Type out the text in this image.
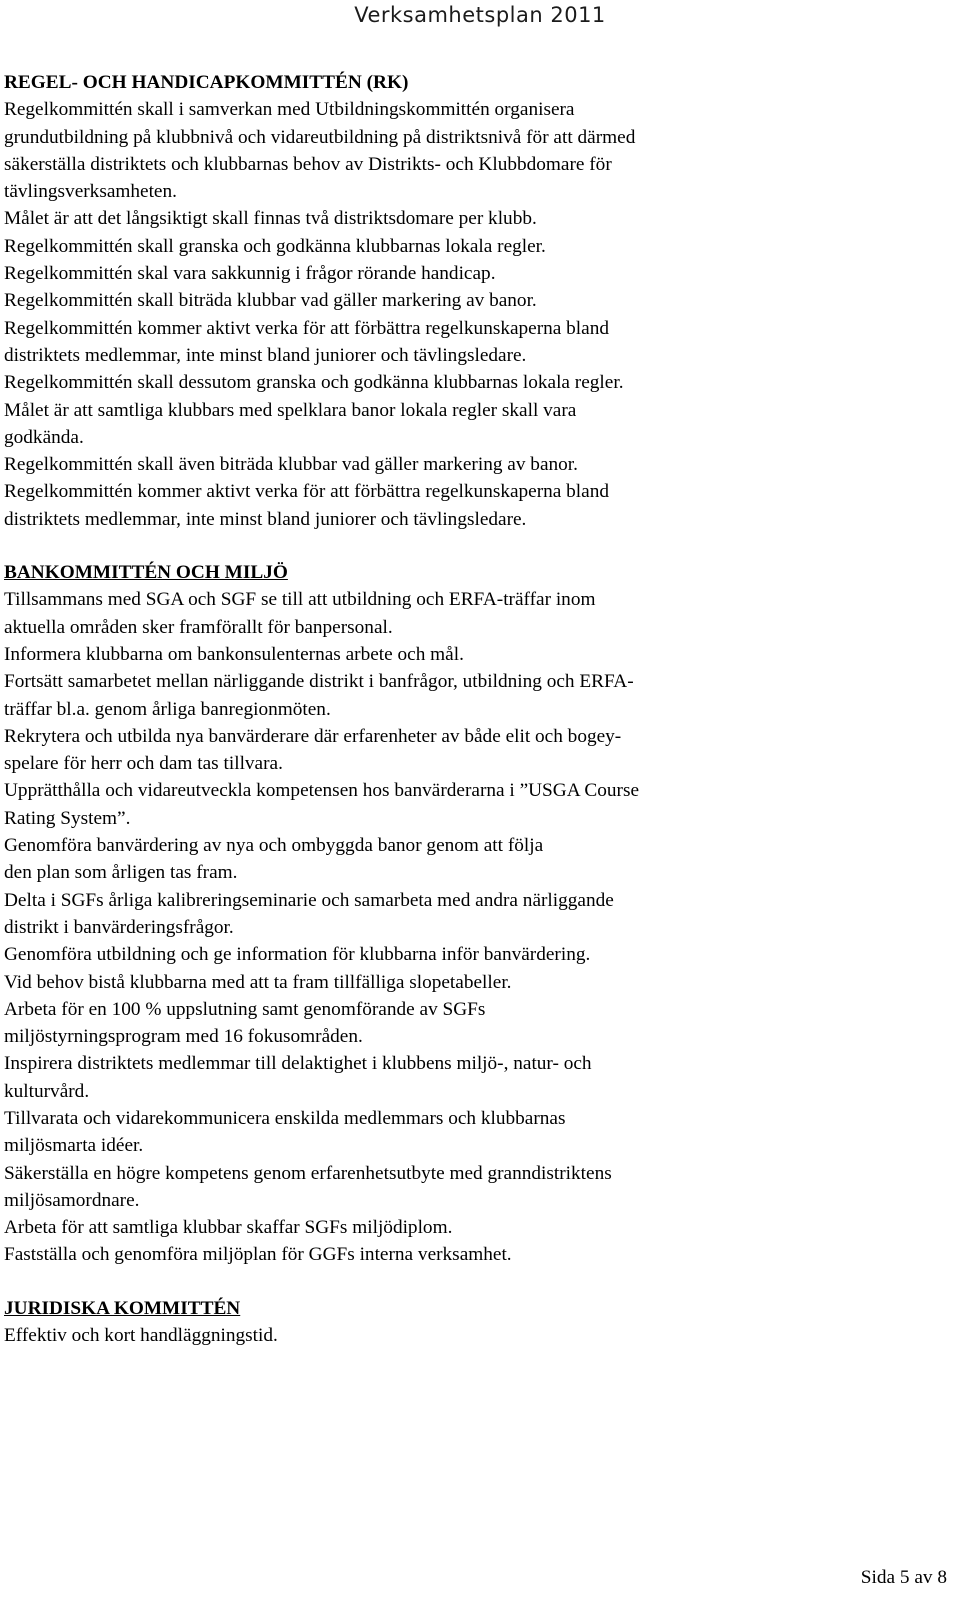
Verksamhetsplan 2011

REGEL- OCH HANDICAPKOMMITTÉN (RK)

Regelkommittén skall i samverkan med Utbildningskommittén organisera

grundutbildning på klubbnivå och vidareutbildning på distriktsnivå för att därmed

säkerställa distriktets och klubbarnas behov av Distrikts- och Klubbdomare för

tävlingsverksamheten.

Målet är att det långsiktigt skall finnas två distriktsdomare per klubb.

Regelkommittén skall granska och godkänna klubbarnas lokala regler.

Regelkommittén skal vara sakkunnig i frågor rörande handicap.

Regelkommittén skall biträda klubbar vad gäller markering av banor.

Regelkommittén kommer aktivt verka för att förbättra regelkunskaperna bland

distriktets medlemmar, inte minst bland juniorer och tävlingsledare.

Regelkommittén skall dessutom granska och godkänna klubbarnas lokala regler.

Målet är att samtliga klubbars med spelklara banor lokala regler skall vara

godkända.

Regelkommittén skall även biträda klubbar vad gäller markering av banor.

Regelkommittén kommer aktivt verka för att förbättra regelkunskaperna bland

distriktets medlemmar, inte minst bland juniorer och tävlingsledare.

BANKOMMITTÉN OCH MILJÖ

Tillsammans med SGA och SGF se till att utbildning och ERFA-träffar inom

aktuella områden sker framförallt för banpersonal.

Informera klubbarna om bankonsulenternas arbete och mål.

Fortsätt samarbetet mellan närliggande distrikt i banfrågor, utbildning och ERFA-

träffar bl.a. genom årliga banregionmöten.

Rekrytera och utbilda nya banvärderare där erfarenheter av både elit och bogey-

spelare för herr och dam tas tillvara.

Upprätthålla och vidareutveckla kompetensen hos banvärderarna i ”USGA Course

Rating System”.

Genomföra banvärdering av nya och ombyggda banor genom att följa

den plan som årligen tas fram.

Delta i SGFs årliga kalibreringseminarie och samarbeta med andra närliggande

distrikt i banvärderingsfrågor.

Genomföra utbildning och ge information för klubbarna inför banvärdering.

Vid behov bistå klubbarna med att ta fram tillfälliga slopetabeller.

Arbeta för en 100 % uppslutning samt genomförande av SGFs

miljöstyrningsprogram med 16 fokusområden.

Inspirera distriktets medlemmar till delaktighet i klubbens miljö-, natur- och

kulturvård.

Tillvarata och vidarekommunicera enskilda medlemmars och klubbarnas

miljösmarta idéer.

Säkerställa en högre kompetens genom erfarenhetsutbyte med granndistriktens

miljösamordnare.

Arbeta för att samtliga klubbar skaffar SGFs miljödiplom.

Fastställa och genomföra miljöplan för GGFs interna verksamhet.

JURIDISKA KOMMITTÉN

Effektiv och kort handläggningstid.

Sida 5 av 8
